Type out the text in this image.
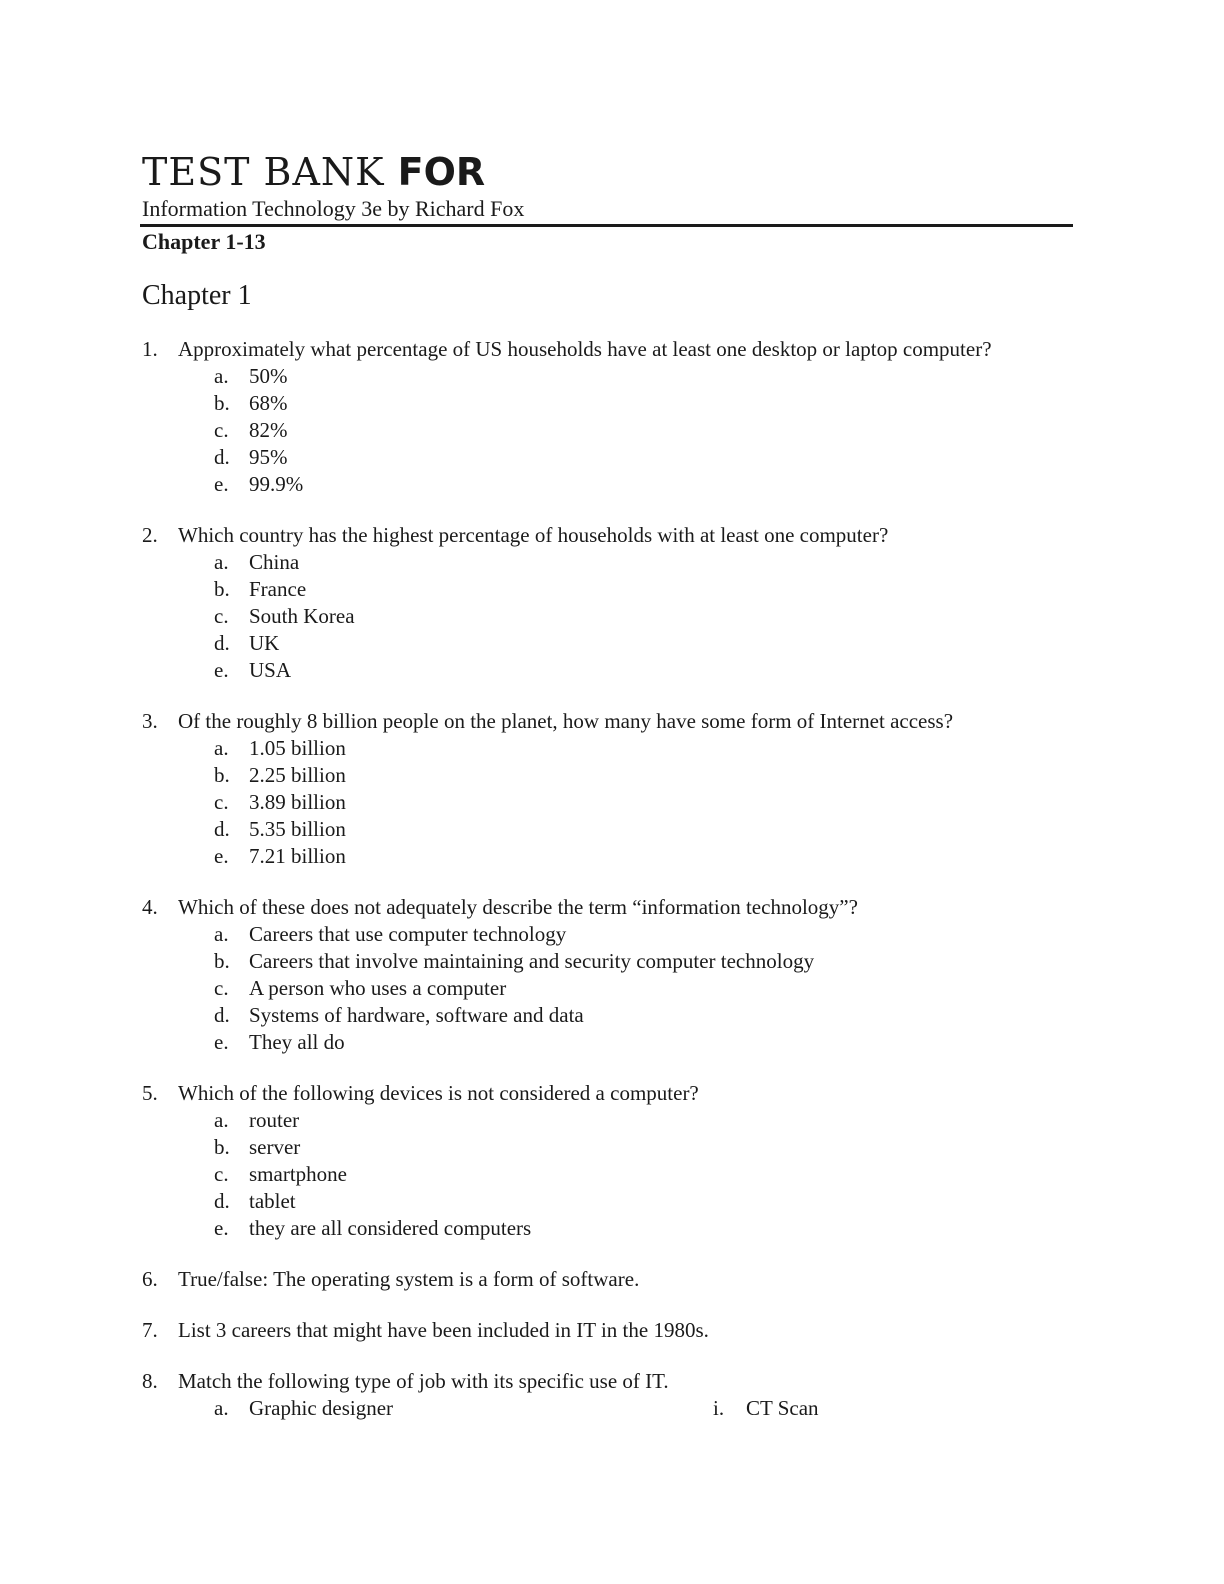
TEST BANK FOR
Information Technology 3e by Richard Fox
Chapter 1-13
Chapter 1
1. Approximately what percentage of US households have at least one desktop or laptop computer?
a. 50%
b. 68%
c. 82%
d. 95%
e. 99.9%
2. Which country has the highest percentage of households with at least one computer?
a. China
b. France
c. South Korea
d. UK
e. USA
3. Of the roughly 8 billion people on the planet, how many have some form of Internet access?
a. 1.05 billion
b. 2.25 billion
c. 3.89 billion
d. 5.35 billion
e. 7.21 billion
4. Which of these does not adequately describe the term “information technology”?
a. Careers that use computer technology
b. Careers that involve maintaining and security computer technology
c. A person who uses a computer
d. Systems of hardware, software and data
e. They all do
5. Which of the following devices is not considered a computer?
a. router
b. server
c. smartphone
d. tablet
e. they are all considered computers
6. True/false: The operating system is a form of software.
7. List 3 careers that might have been included in IT in the 1980s.
8. Match the following type of job with its specific use of IT.
a. Graphic designer	i. CT Scan
